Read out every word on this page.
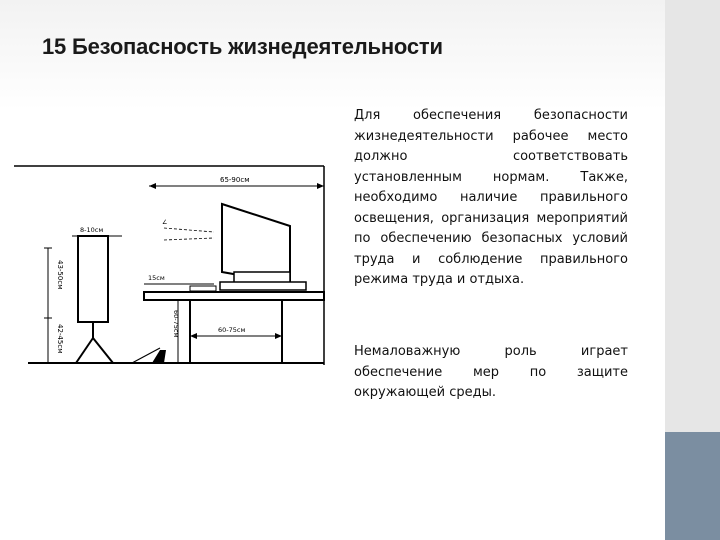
15 Безопасность жизнедеятельности
65-90см
43-50см
42-45см
8-10см
∠
15см
60-75см	60-75см
Для обеспечения безопасности жизнедеятельности рабочее место должно соответствовать установленным нормам. Также, необходимо наличие правильного освещения, организация мероприятий по обеспечению безопасных условий труда и соблюдение правильного режима труда и отдыха.
Немаловажную роль играет обеспечение мер по защите окружающей среды.
